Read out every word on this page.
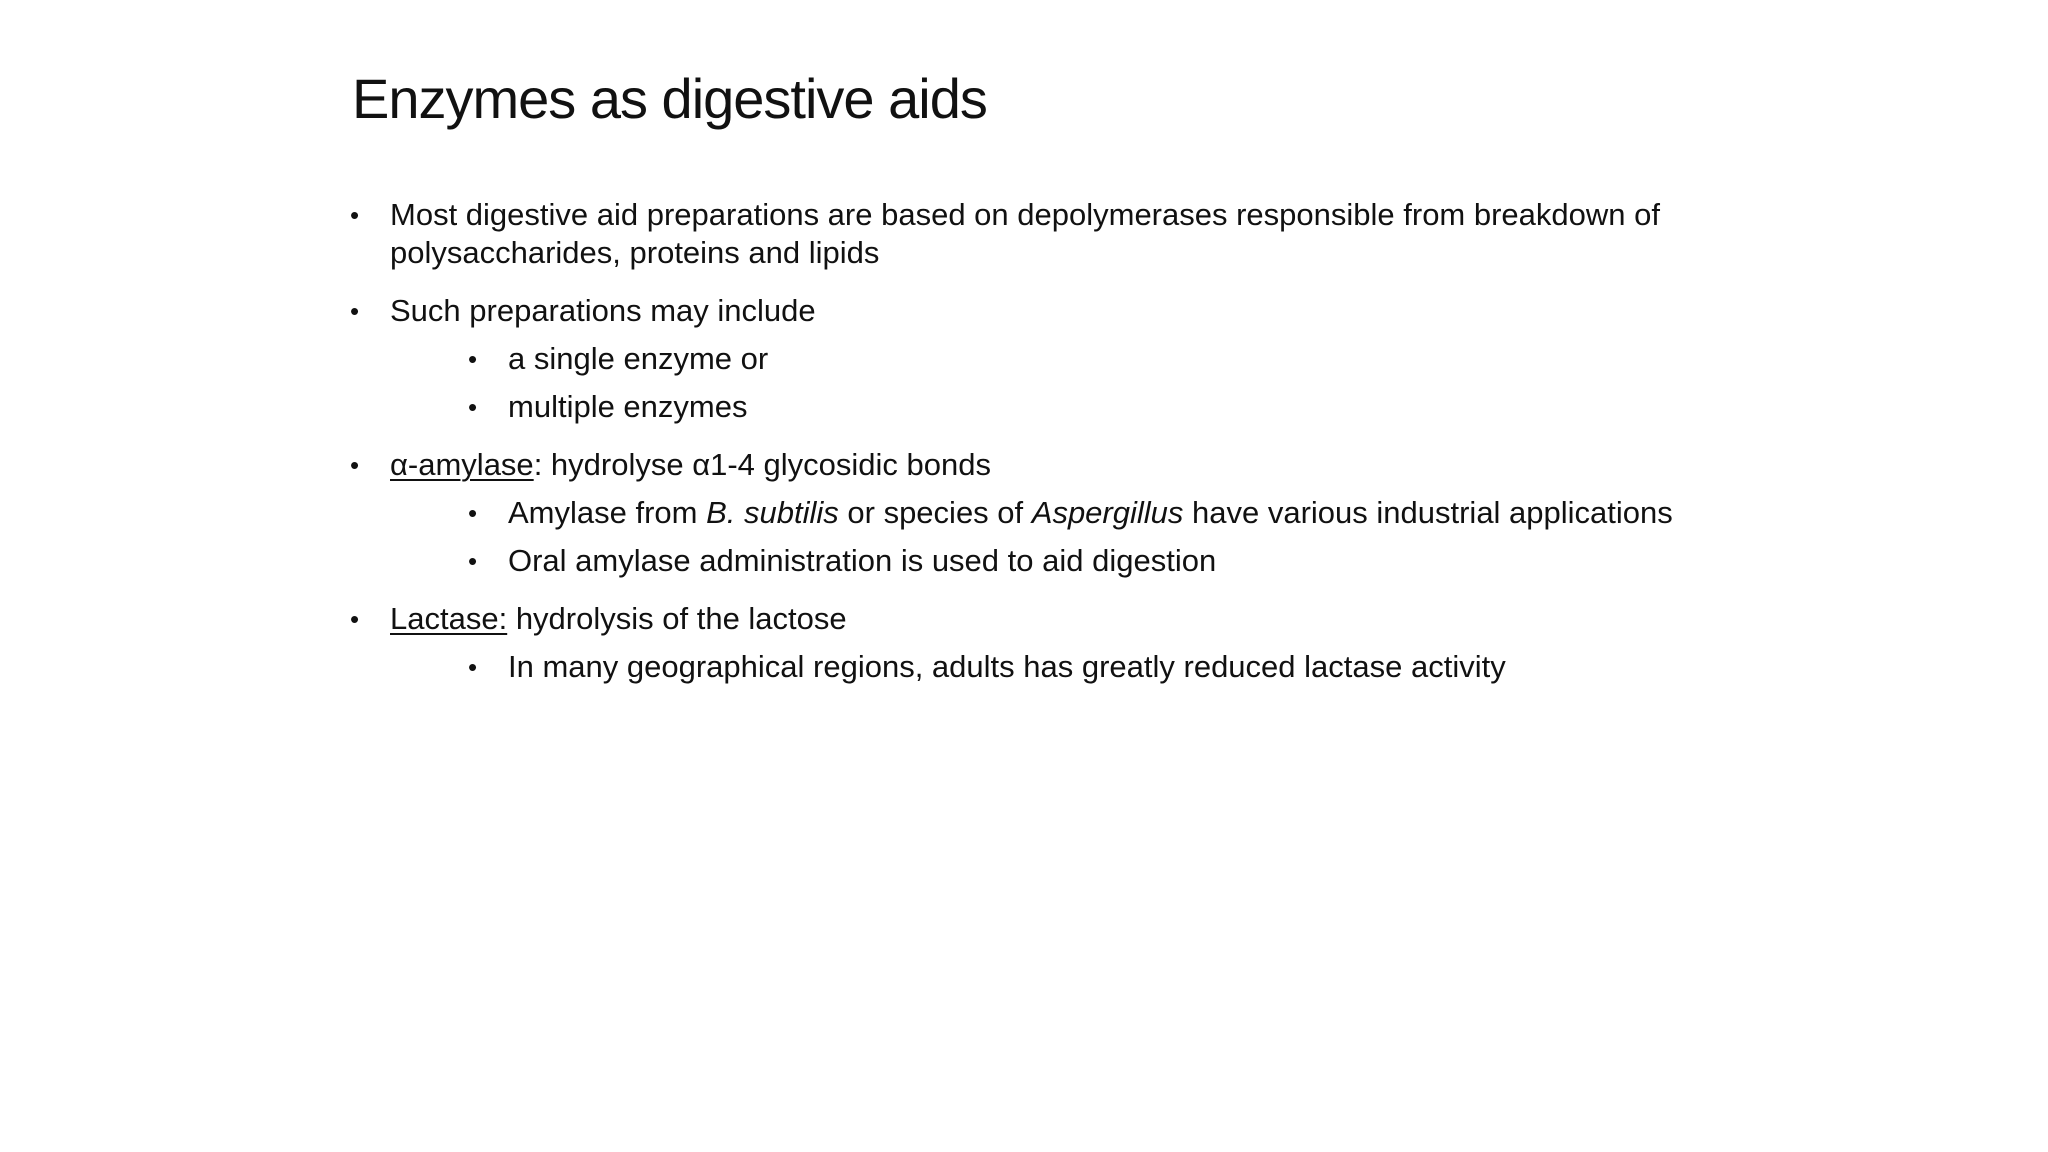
Enzymes as digestive aids
• Most digestive aid preparations are based on depolymerases responsible from breakdown of polysaccharides, proteins and lipids
• Such preparations may include
• a single enzyme or
• multiple enzymes
• α-amylase: hydrolyse α1-4 glycosidic bonds
• Amylase from B. subtilis or species of Aspergillus have various industrial applications
• Oral amylase administration is used to aid digestion
• Lactase: hydrolysis of the lactose
• In many geographical regions, adults has greatly reduced lactase activity
